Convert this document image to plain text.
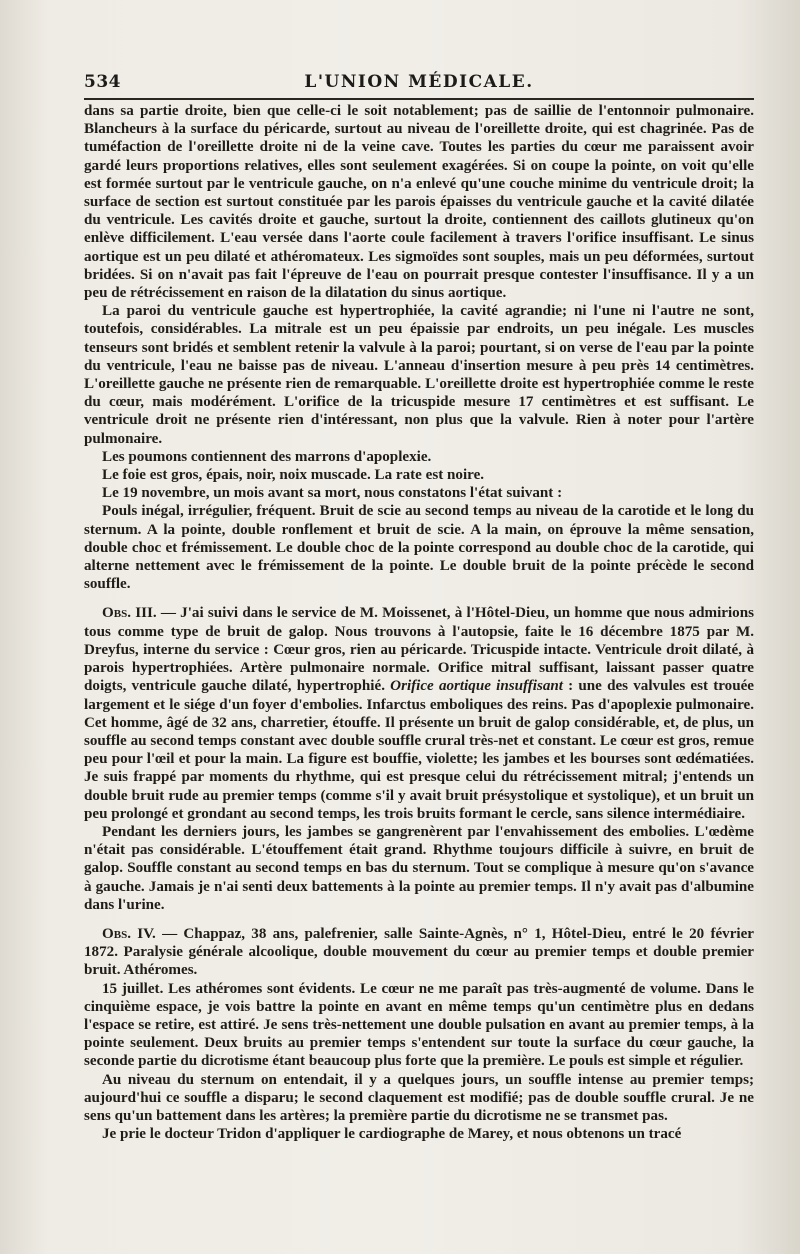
534	L'UNION MÉDICALE.

dans sa partie droite, bien que celle-ci le soit notablement; pas de saillie de l'entonnoir pulmonaire. Blancheurs à la surface du péricarde, surtout au niveau de l'oreillette droite, qui est chagrinée. Pas de tuméfaction de l'oreillette droite ni de la veine cave. Toutes les parties du cœur me paraissent avoir gardé leurs proportions relatives, elles sont seulement exagérées. Si on coupe la pointe, on voit qu'elle est formée surtout par le ventricule gauche, on n'a enlevé qu'une couche minime du ventricule droit; la surface de section est surtout constituée par les parois épaisses du ventricule gauche et la cavité dilatée du ventricule. Les cavités droite et gauche, surtout la droite, contiennent des caillots glutineux qu'on enlève difficilement. L'eau versée dans l'aorte coule facilement à travers l'orifice insuffisant. Le sinus aortique est un peu dilaté et athéromateux. Les sigmoïdes sont souples, mais un peu déformées, surtout bridées. Si on n'avait pas fait l'épreuve de l'eau on pourrait presque contester l'insuffisance. Il y a un peu de rétrécissement en raison de la dilatation du sinus aortique.

La paroi du ventricule gauche est hypertrophiée, la cavité agrandie; ni l'une ni l'autre ne sont, toutefois, considérables. La mitrale est un peu épaissie par endroits, un peu inégale. Les muscles tenseurs sont bridés et semblent retenir la valvule à la paroi; pourtant, si on verse de l'eau par la pointe du ventricule, l'eau ne baisse pas de niveau. L'anneau d'insertion mesure à peu près 14 centimètres. L'oreillette gauche ne présente rien de remarquable. L'oreillette droite est hypertrophiée comme le reste du cœur, mais modérément. L'orifice de la tricuspide mesure 17 centimètres et est suffisant. Le ventricule droit ne présente rien d'intéressant, non plus que la valvule. Rien à noter pour l'artère pulmonaire.

Les poumons contiennent des marrons d'apoplexie.

Le foie est gros, épais, noir, noix muscade. La rate est noire.

Le 19 novembre, un mois avant sa mort, nous constatons l'état suivant :

Pouls inégal, irrégulier, fréquent. Bruit de scie au second temps au niveau de la carotide et le long du sternum. A la pointe, double ronflement et bruit de scie. A la main, on éprouve la même sensation, double choc et frémissement. Le double choc de la pointe correspond au double choc de la carotide, qui alterne nettement avec le frémissement de la pointe. Le double bruit de la pointe précède le second souffle.

Obs. III. — J'ai suivi dans le service de M. Moissenet, à l'Hôtel-Dieu, un homme que nous admirions tous comme type de bruit de galop. Nous trouvons à l'autopsie, faite le 16 décembre 1875 par M. Dreyfus, interne du service : Cœur gros, rien au péricarde. Tricuspide intacte. Ventricule droit dilaté, à parois hypertrophiées. Artère pulmonaire normale. Orifice mitral suffisant, laissant passer quatre doigts, ventricule gauche dilaté, hypertrophié. Orifice aortique insuffisant : une des valvules est trouée largement et le siége d'un foyer d'embolies. Infarctus emboliques des reins. Pas d'apoplexie pulmonaire. Cet homme, âgé de 32 ans, charretier, étouffe. Il présente un bruit de galop considérable, et, de plus, un souffle au second temps constant avec double souffle crural très-net et constant. Le cœur est gros, remue peu pour l'œil et pour la main. La figure est bouffie, violette; les jambes et les bourses sont œdématiées. Je suis frappé par moments du rhythme, qui est presque celui du rétrécissement mitral; j'entends un double bruit rude au premier temps (comme s'il y avait bruit présystolique et systolique), et un bruit un peu prolongé et grondant au second temps, les trois bruits formant le cercle, sans silence intermédiaire.

Pendant les derniers jours, les jambes se gangrenèrent par l'envahissement des embolies. L'œdème n'était pas considérable. L'étouffement était grand. Rhythme toujours difficile à suivre, en bruit de galop. Souffle constant au second temps en bas du sternum. Tout se complique à mesure qu'on s'avance à gauche. Jamais je n'ai senti deux battements à la pointe au premier temps. Il n'y avait pas d'albumine dans l'urine.

Obs. IV. — Chappaz, 38 ans, palefrenier, salle Sainte-Agnès, n° 1, Hôtel-Dieu, entré le 20 février 1872. Paralysie générale alcoolique, double mouvement du cœur au premier temps et double premier bruit. Athéromes.

15 juillet. Les athéromes sont évidents. Le cœur ne me paraît pas très-augmenté de volume. Dans le cinquième espace, je vois battre la pointe en avant en même temps qu'un centimètre plus en dedans l'espace se retire, est attiré. Je sens très-nettement une double pulsation en avant au premier temps, à la pointe seulement. Deux bruits au premier temps s'entendent sur toute la surface du cœur gauche, la seconde partie du dicrotisme étant beaucoup plus forte que la première. Le pouls est simple et régulier.

Au niveau du sternum on entendait, il y a quelques jours, un souffle intense au premier temps; aujourd'hui ce souffle a disparu; le second claquement est modifié; pas de double souffle crural. Je ne sens qu'un battement dans les artères; la première partie du dicrotisme ne se transmet pas.

Je prie le docteur Tridon d'appliquer le cardiographe de Marey, et nous obtenons un tracé
